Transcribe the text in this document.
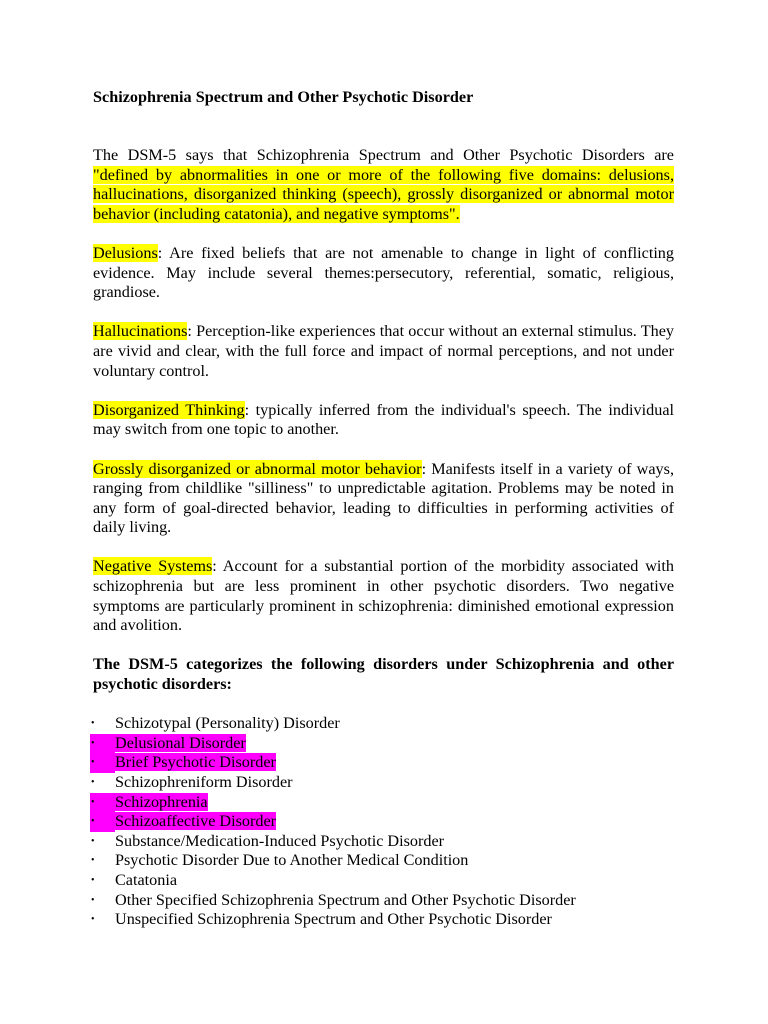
Schizophrenia Spectrum and Other Psychotic Disorder

The DSM-5 says that Schizophrenia Spectrum and Other Psychotic Disorders are "defined by abnormalities in one or more of the following five domains: delusions, hallucinations, disorganized thinking (speech), grossly disorganized or abnormal motor behavior (including catatonia), and negative symptoms".

Delusions: Are fixed beliefs that are not amenable to change in light of conflicting evidence. May include several themes:persecutory, referential, somatic, religious, grandiose.

Hallucinations: Perception-like experiences that occur without an external stimulus. They are vivid and clear, with the full force and impact of normal perceptions, and not under voluntary control.

Disorganized Thinking: typically inferred from the individual's speech. The individual may switch from one topic to another.

Grossly disorganized or abnormal motor behavior: Manifests itself in a variety of ways, ranging from childlike "silliness" to unpredictable agitation. Problems may be noted in any form of goal-directed behavior, leading to difficulties in performing activities of daily living.

Negative Systems: Account for a substantial portion of the morbidity associated with schizophrenia but are less prominent in other psychotic disorders. Two negative symptoms are particularly prominent in schizophrenia: diminished emotional expression and avolition.

The DSM-5 categorizes the following disorders under Schizophrenia and other psychotic disorders:

•	Schizotypal (Personality) Disorder
•	Delusional Disorder
•	Brief Psychotic Disorder
•	Schizophreniform Disorder
•	Schizophrenia
•	Schizoaffective Disorder
•	Substance/Medication-Induced Psychotic Disorder
•	Psychotic Disorder Due to Another Medical Condition
•	Catatonia
•	Other Specified Schizophrenia Spectrum and Other Psychotic Disorder
•	Unspecified Schizophrenia Spectrum and Other Psychotic Disorder
